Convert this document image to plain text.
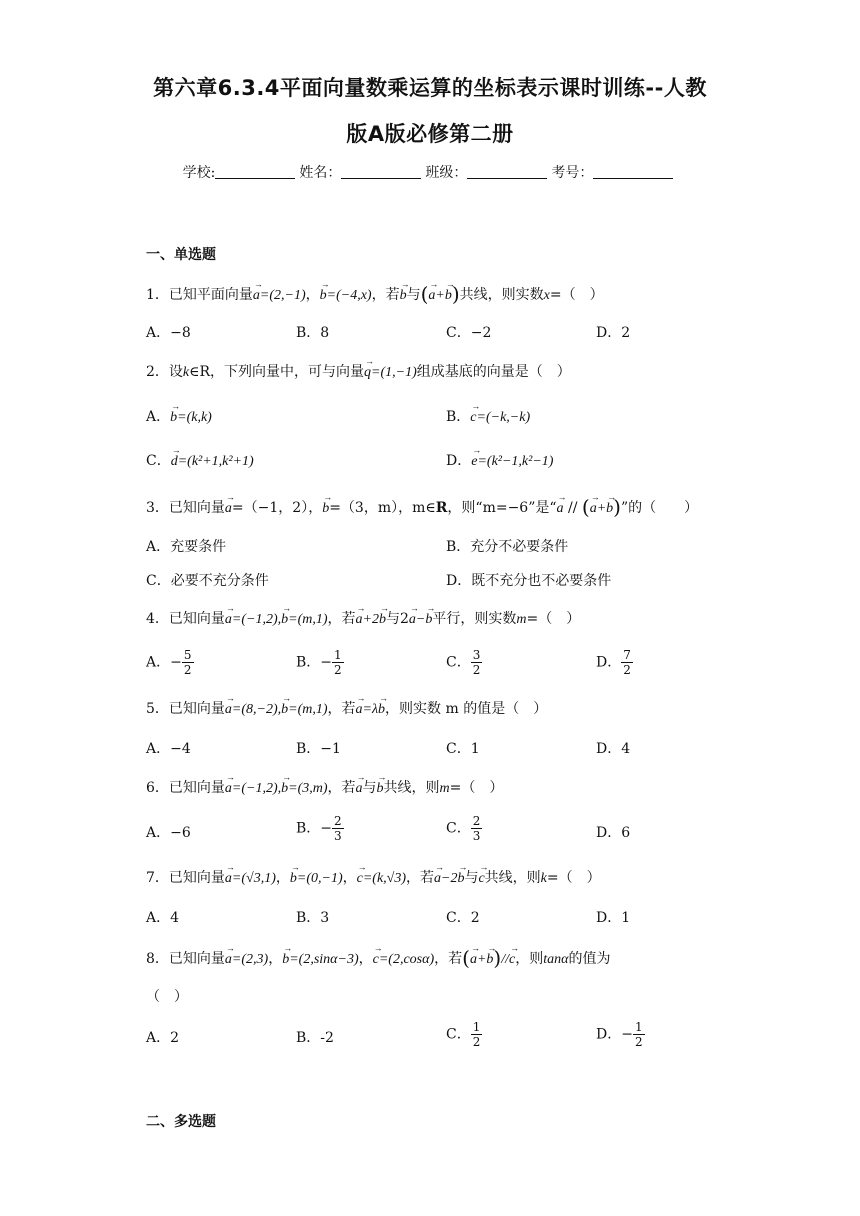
第六章6.3.4平面向量数乘运算的坐标表示课时训练--人教
版A版必修第二册
学校:	姓名：	班级：	考号：
一、单选题
1．已知平面向量→ a=(2,−1)，→ b=(−4,x)，若→ b与(→ a+→ b)共线，则实数x=（　）
A．−8	B．8	C．−2	D．2
2．设k∈R，下列向量中，可与向量→ q=(1,−1)组成基底的向量是（　）
A．→ b=(k,k)	B．→ c=(−k,−k)
C．→ d=(k²+1,k²+1)	D．→ e=(k²−1,k²−1)
3．已知向量→ a=（−1，2），→ b=（3，m），m∈R，则“m=−6”是“→ a // (→ a+→ b)”的（　　）
A．充要条件	B．充分不必要条件
C．必要不充分条件	D．既不充分也不必要条件
4．已知向量→ a=(−1,2),→ b=(m,1)，若→ a+2→ b与2→ a−→ b平行，则实数m=（　）
A．− $\frac{5}{2}$	B．− $\frac{1}{2}$	C． $\frac{3}{2}$	D． $\frac{7}{2}$
5．已知向量→ a=(8,−2),→ b=(m,1)，若→ a=λ→ b，则实数 m 的值是（　）
A．−4	B．−1	C．1	D．4
6．已知向量→ a=(−1,2),→ b=(3,m)，若→ a与→ b共线，则m=（　）
A．−6	B．− $\frac{2}{3}$	C． $\frac{2}{3}$	D．6
7．已知向量→ a=(√3,1)，→ b=(0,−1)，→ c=(k,√3)，若→ a−2→ b与→ c共线，则k=（　）
A．4	B．3	C．2	D．1
8．已知向量→ a=(2,3)，→ b=(2,sinα−3)，→ c=(2,cosα)，若(→ a+→ b)//→ c，则tanα的值为
（　）
A．2	B．-2	C． $\frac{1}{2}$	D．− $\frac{1}{2}$
二、多选题
